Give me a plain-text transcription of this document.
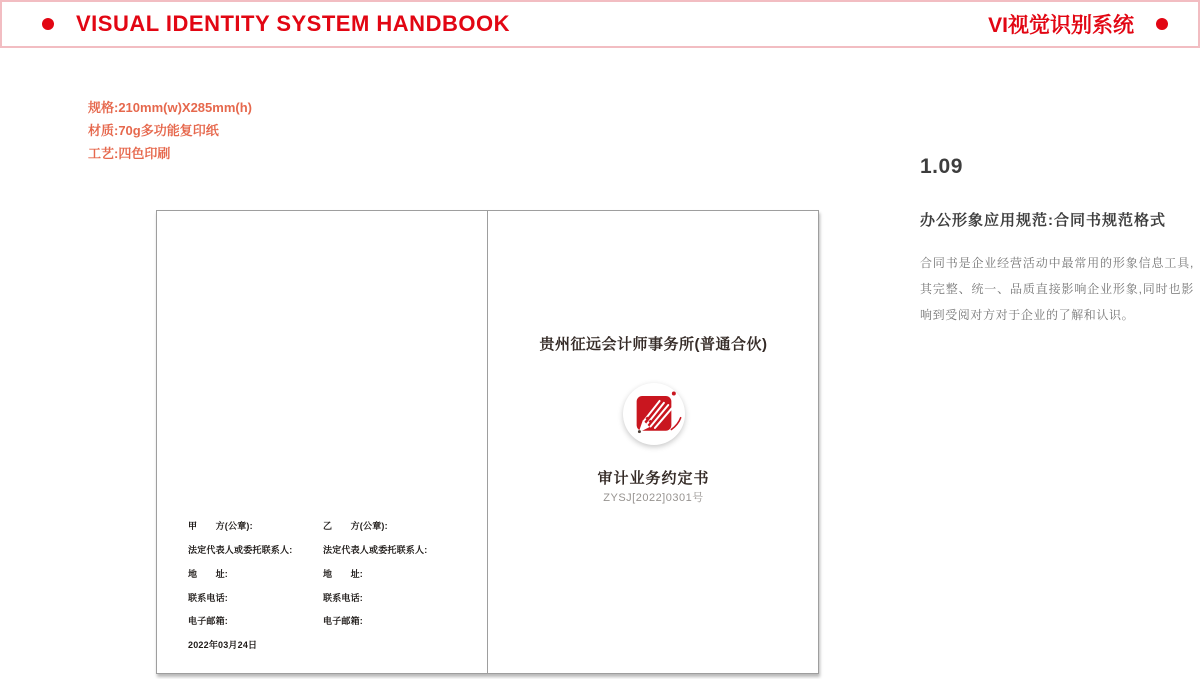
VISUAL IDENTITY SYSTEM HANDBOOK	VI视觉识别系统
规格:210mm(w)X285mm(h)
材质:70g多功能复印纸
工艺:四色印刷
1.09
办公形象应用规范:合同书规范格式
合同书是企业经营活动中最常用的形象信息工具,其完整、统一、品质直接影响企业形象,同时也影响到受阅对方对于企业的了解和认识。
甲　　方(公章):
法定代表人或委托联系人:
地　　址:
联系电话:
电子邮箱:
2022年03月24日
乙　　方(公章):
法定代表人或委托联系人:
地　　址:
联系电话:
电子邮箱:
贵州征远会计师事务所(普通合伙)
审计业务约定书
ZYSJ[2022]0301号
